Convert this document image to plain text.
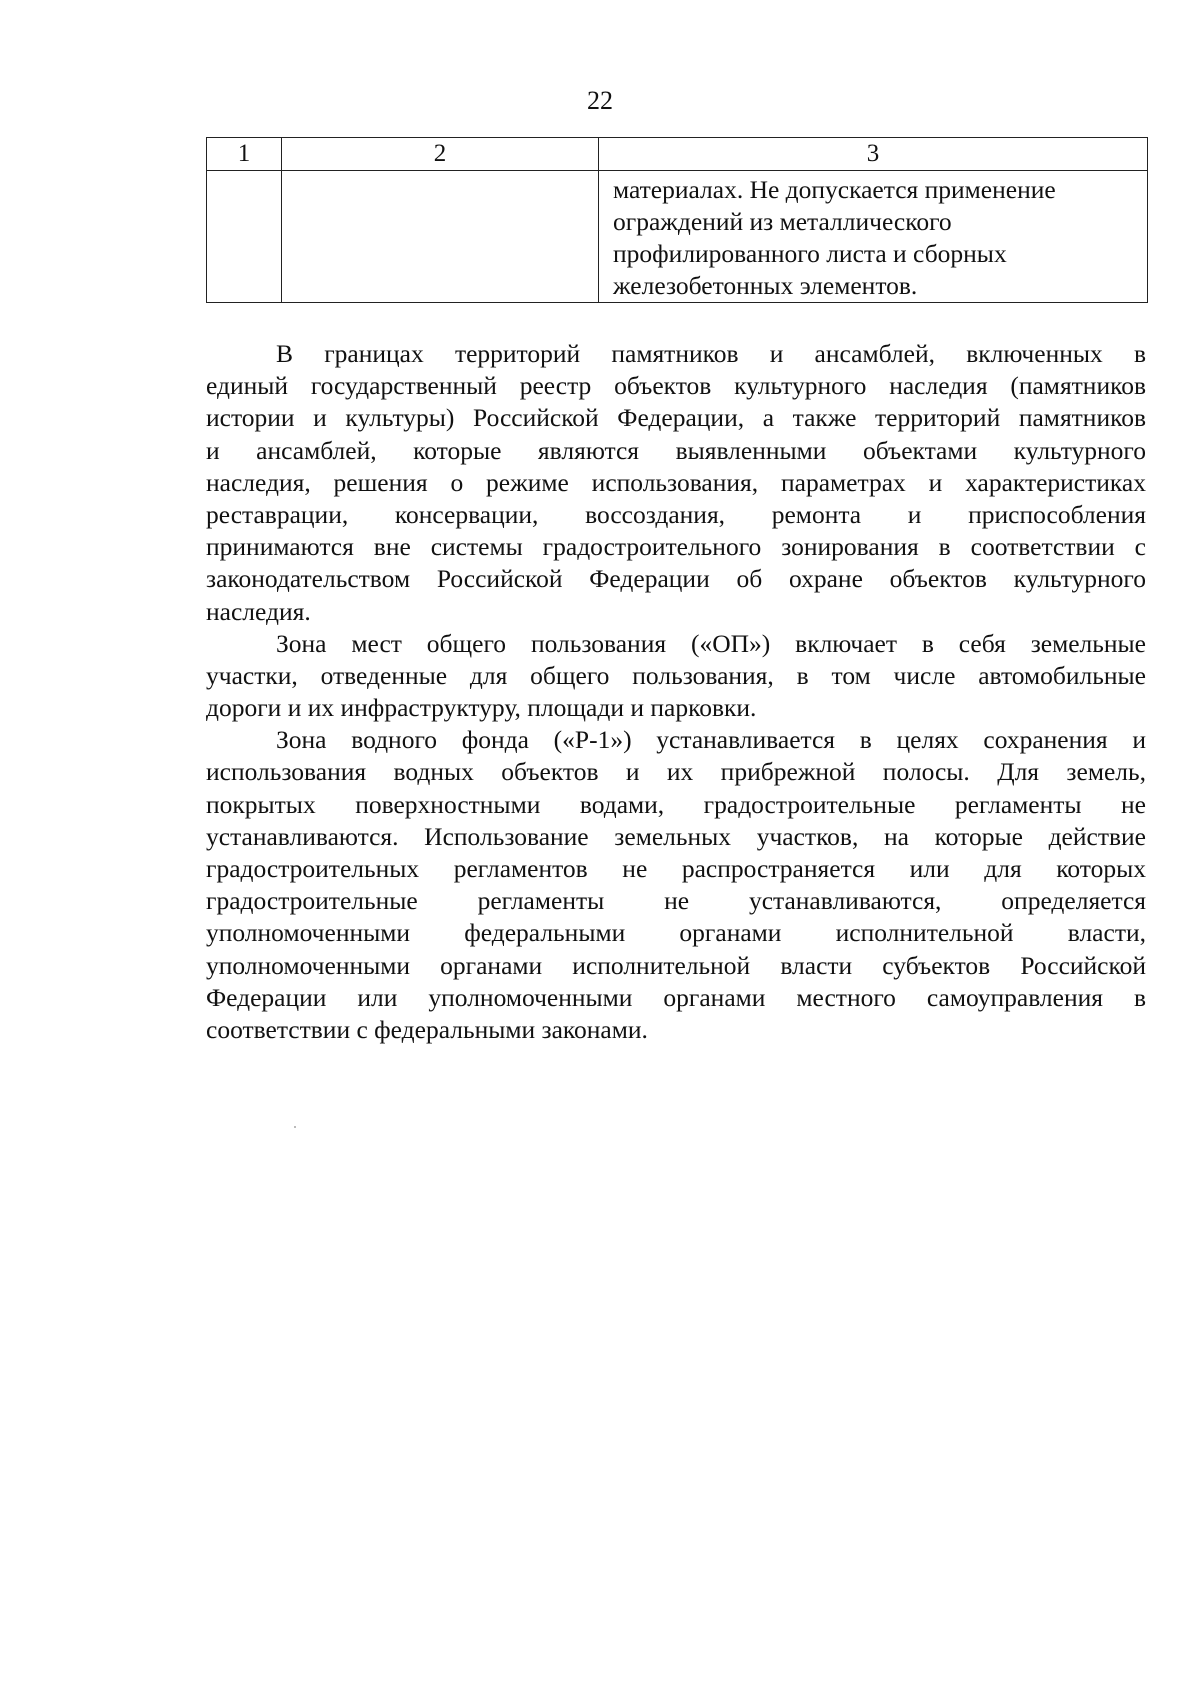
22
1	2	3

		материалах. Не допускается применение
ограждений из металлического
профилированного листа и сборных
железобетонных элементов.
В границах территорий памятников и ансамблей, включенных в
единый государственный реестр объектов культурного наследия (памятников
истории и культуры) Российской Федерации, а также территорий памятников
и ансамблей, которые являются выявленными объектами культурного
наследия, решения о режиме использования, параметрах и характеристиках
реставрации, консервации, воссоздания, ремонта и приспособления
принимаются вне системы градостроительного зонирования в соответствии с
законодательством Российской Федерации об охране объектов культурного
наследия.
Зона мест общего пользования («ОП») включает в себя земельные
участки, отведенные для общего пользования, в том числе автомобильные
дороги и их инфраструктуру, площади и парковки.
Зона водного фонда («Р-1») устанавливается в целях сохранения и
использования водных объектов и их прибрежной полосы. Для земель,
покрытых поверхностными водами, градостроительные регламенты не
устанавливаются. Использование земельных участков, на которые действие
градостроительных регламентов не распространяется или для которых
градостроительные регламенты не устанавливаются, определяется
уполномоченными федеральными органами исполнительной власти,
уполномоченными органами исполнительной власти субъектов Российской
Федерации или уполномоченными органами местного самоуправления в
соответствии с федеральными законами.
